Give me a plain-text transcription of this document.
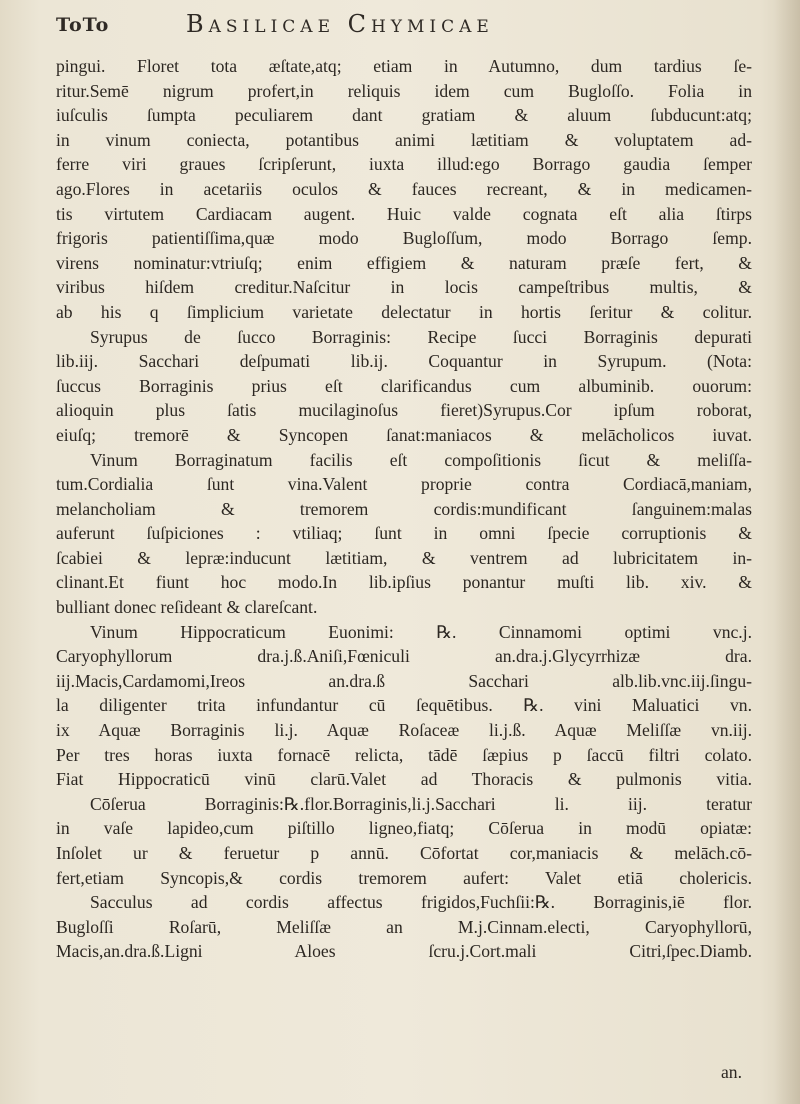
ToTo	Basilicae Chymicae
pingui. Floret tota æſtate,atq; etiam in Autumno, dum tardius ſe-
ritur.Semē nigrum profert,in reliquis idem cum Bugloſſo. Folia in
iuſculis ſumpta peculiarem dant gratiam & aluum ſubducunt:atq;
in vinum coniecta, potantibus animi lætitiam & voluptatem ad-
ferre viri graues ſcripſerunt, iuxta illud:ego Borrago gaudia ſemper
ago.Flores in acetariis oculos & fauces recreant, & in medicamen-
tis virtutem Cardiacam augent. Huic valde cognata eſt alia ſtirps
frigoris patientiſſima,quæ modo Bugloſſum, modo Borrago ſemp.
virens nominatur:vtriuſq; enim effigiem & naturam præſe fert, &
viribus hiſdem creditur.Naſcitur in locis campeſtribus multis, &
ab his q ſimplicium varietate delectatur in hortis ſeritur & colitur.
Syrupus de ſucco Borraginis: Recipe ſucci Borraginis depurati
lib.iij. Sacchari deſpumati lib.ij. Coquantur in Syrupum. (Nota:
ſuccus Borraginis prius eſt clarificandus cum albuminib. ouorum:
alioquin plus ſatis mucilaginoſus fieret)Syrupus.Cor ipſum roborat,
eiuſq; tremorē & Syncopen ſanat:maniacos & melācholicos iuvat.
Vinum Borraginatum facilis eſt compoſitionis ſicut & meliſſa-
tum.Cordialia ſunt vina.Valent proprie contra Cordiacā,maniam,
melancholiam & tremorem cordis:mundificant ſanguinem:malas
auferunt ſuſpiciones : vtiliaq; ſunt in omni ſpecie corruptionis &
ſcabiei & lepræ:inducunt lætitiam, & ventrem ad lubricitatem in-
clinant.Et fiunt hoc modo.In lib.ipſius ponantur muſti lib. xiv. &
bulliant donec reſideant & clareſcant.
Vinum Hippocraticum Euonimi: ℞. Cinnamomi optimi vnc.j.
Caryophyllorum dra.j.ß.Aniſi,Fœniculi an.dra.j.Glycyrrhizæ dra.
iij.Macis,Cardamomi,Ireos an.dra.ß Sacchari alb.lib.vnc.iij.ſingu-
la diligenter trita infundantur cū ſequētibus. ℞. vini Maluatici vn.
ix Aquæ Borraginis li.j. Aquæ Roſaceæ li.j.ß. Aquæ Meliſſæ vn.iij.
Per tres horas iuxta fornacē relicta, tādē ſæpius p ſaccū filtri colato.
Fiat Hippocraticū vinū clarū.Valet ad Thoracis & pulmonis vitia.
Cōſerua Borraginis:℞.flor.Borraginis,li.j.Sacchari li. iij. teratur
in vaſe lapideo,cum piſtillo ligneo,fiatq; Cōſerua in modū opiatæ:
Inſolet ur & feruetur p annū. Cōfortat cor,maniacis & melāch.cō-
fert,etiam Syncopis,& cordis tremorem aufert: Valet etiā cholericis.
Sacculus ad cordis affectus frigidos,Fuchſii:℞. Borraginis,iē flor.
Bugloſſi Roſarū, Meliſſæ an M.j.Cinnam.electi, Caryophyllorū,
Macis,an.dra.ß.Ligni Aloes ſcru.j.Cort.mali Citri,ſpec.Diamb.
an.
